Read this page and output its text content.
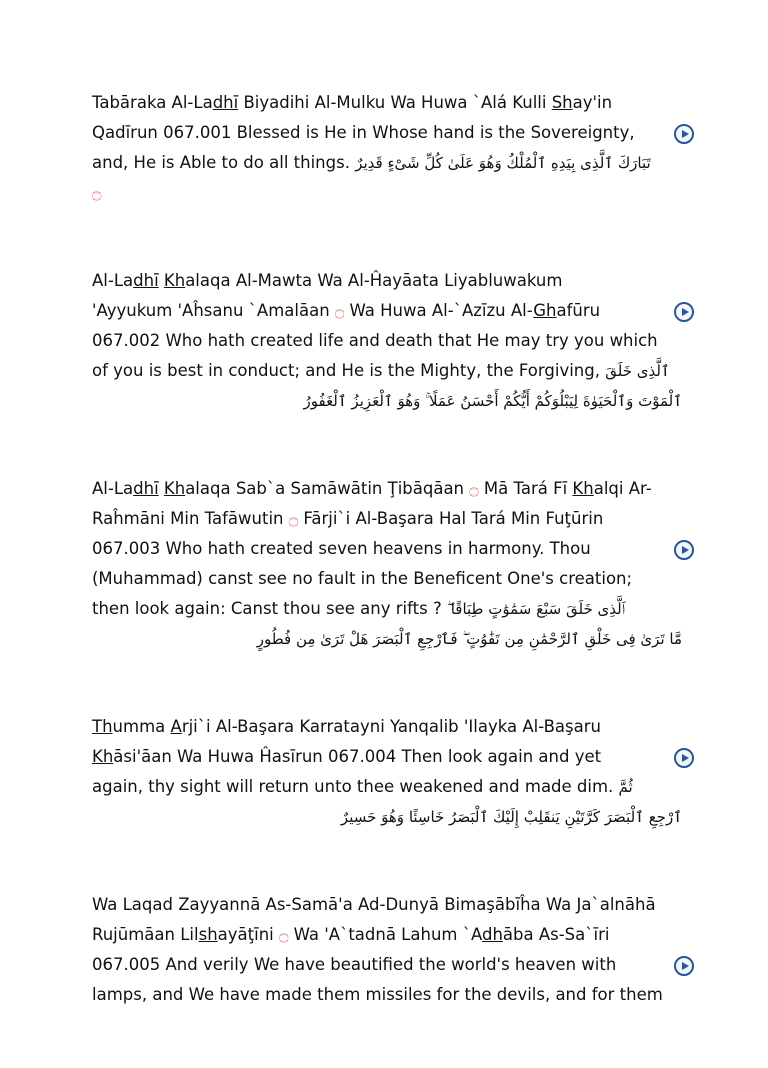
Tabāraka Al-Ladhī Biyadihi Al-Mulku Wa Huwa `Alá Kulli Shay'in

Qadīrun 067.001 Blessed is He in Whose hand is the Sovereignty,

and, He is Able to do all things. تَبَارَكَ ٱلَّذِى بِيَدِهِ ٱلْمُلْكُ وَهُوَ عَلَىٰ كُلِّ شَىْءٍ قَدِيرٌ

۝

Al-Ladhī Khalaqa Al-Mawta Wa Al-Ĥayāata Liyabluwakum

'Ayyukum 'Aĥsanu `Amalāan ۝ Wa Huwa Al-`Azīzu Al-Ghafūru

067.002 Who hath created life and death that He may try you which

of you is best in conduct; and He is the Mighty, the Forgiving, ٱلَّذِى خَلَقَ

ٱلْمَوْتَ وَٱلْحَيَوٰةَ لِيَبْلُوَكُمْ أَيُّكُمْ أَحْسَنُ عَمَلًا ۚ وَهُوَ ٱلْعَزِيزُ ٱلْغَفُورُ

Al-Ladhī Khalaqa Sab`a Samāwātin Ţibāqāan ۝ Mā Tará Fī Khalqi Ar-

Raĥmāni Min Tafāwutin ۝ Fārji`i Al-Başara Hal Tará Min Fuţūrin

067.003 Who hath created seven heavens in harmony. Thou

(Muhammad) canst see no fault in the Beneficent One's creation;

then look again: Canst thou see any rifts ? ٱلَّذِى خَلَقَ سَبْعَ سَمَٰوَٰتٍ طِبَاقًا ۖ

مَّا تَرَىٰ فِى خَلْقِ ٱلرَّحْمَٰنِ مِن تَفَٰوُتٍ ۖ فَٱرْجِعِ ٱلْبَصَرَ هَلْ تَرَىٰ مِن فُطُورٍ

Thumma Arji`i Al-Başara Karratayni Yanqalib 'Ilayka Al-Başaru

Khāsi'āan Wa Huwa Ĥasīrun 067.004 Then look again and yet

again, thy sight will return unto thee weakened and made dim. ثُمَّ

ٱرْجِعِ ٱلْبَصَرَ كَرَّتَيْنِ يَنقَلِبْ إِلَيْكَ ٱلْبَصَرُ خَاسِئًا وَهُوَ حَسِيرٌ

Wa Laqad Zayyannā As-Samā'a Ad-Dunyā Bimaşābīĥa Wa Ja`alnāhā

Rujūmāan Lilshayāţīni ۝ Wa 'A`tadnā Lahum `Adhāba As-Sa`īri

067.005 And verily We have beautified the world's heaven with

lamps, and We have made them missiles for the devils, and for them
